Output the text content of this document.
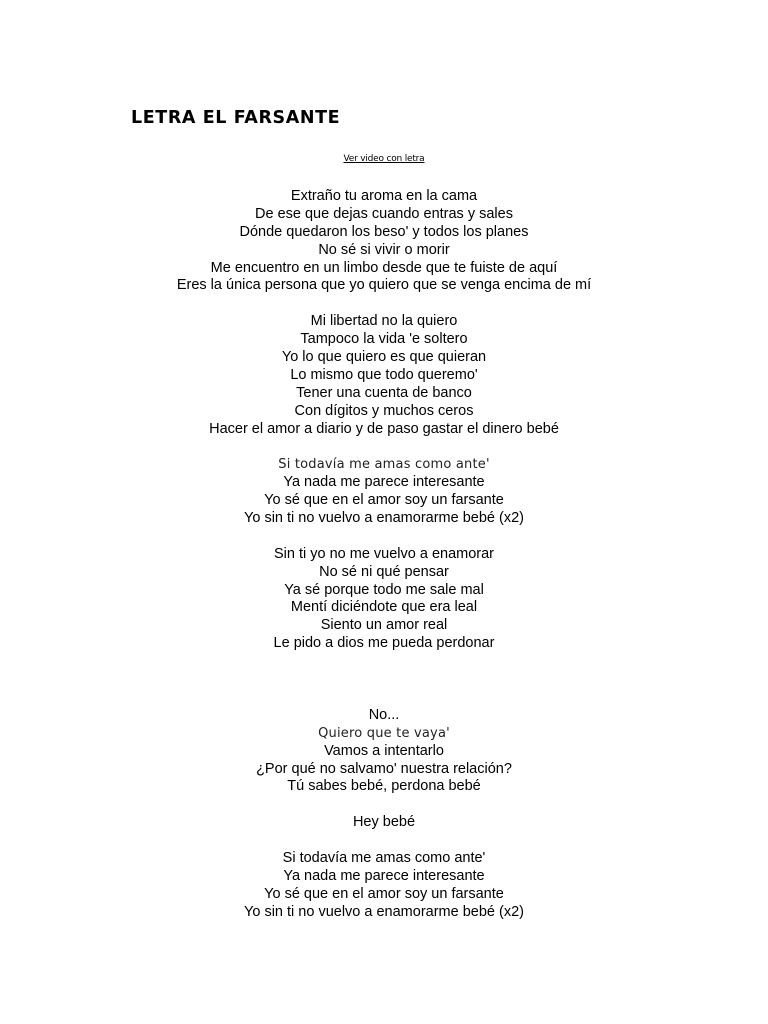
LETRA EL FARSANTE
Ver video con letra
Extraño tu aroma en la cama
De ese que dejas cuando entras y sales
Dónde quedaron los beso' y todos los planes
No sé si vivir o morir
Me encuentro en un limbo desde que te fuiste de aquí
Eres la única persona que yo quiero que se venga encima de mí
Mi libertad no la quiero
Tampoco la vida 'e soltero
Yo lo que quiero es que quieran
Lo mismo que todo queremo'
Tener una cuenta de banco
Con dígitos y muchos ceros
Hacer el amor a diario y de paso gastar el dinero bebé
Si todavía me amas como ante'
Ya nada me parece interesante
Yo sé que en el amor soy un farsante
Yo sin ti no vuelvo a enamorarme bebé (x2)
Sin ti yo no me vuelvo a enamorar
No sé ni qué pensar
Ya sé porque todo me sale mal
Mentí diciéndote que era leal
Siento un amor real
Le pido a dios me pueda perdonar
No...
Quiero que te vaya'
Vamos a intentarlo
¿Por qué no salvamo' nuestra relación?
Tú sabes bebé, perdona bebé
Hey bebé
Si todavía me amas como ante'
Ya nada me parece interesante
Yo sé que en el amor soy un farsante
Yo sin ti no vuelvo a enamorarme bebé (x2)
